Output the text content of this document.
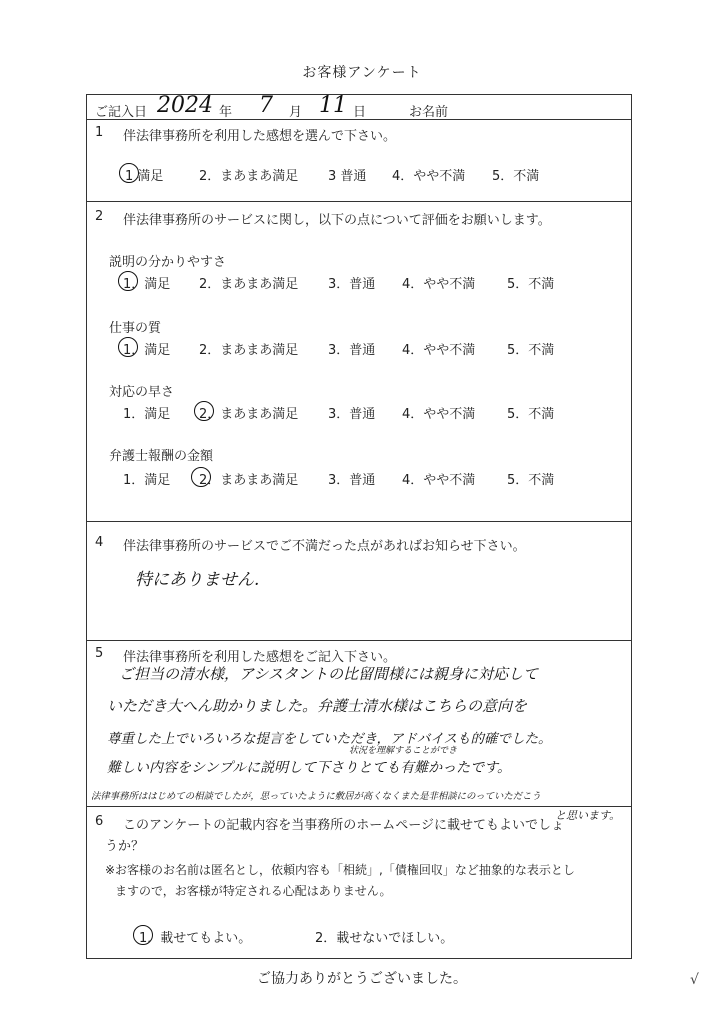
お客様アンケート
ご記入日 2024 年 7 月 11 日	お名前
1 伴法律事務所を利用した感想を選んで下さい。
1 満足	2．まあまあ満足 3 普通 4．やや不満 5．不満
2 伴法律事務所のサービスに関し，以下の点について評価をお願いします。
説明の分かりやすさ
1．満足 2．まあまあ満足 3．普通 4．やや不満 5．不満
仕事の質
1．満足 2．まあまあ満足 3．普通 4．やや不満 5．不満
対応の早さ
1．満足 2．まあまあ満足 3．普通 4．やや不満 5．不満
弁護士報酬の金額
1．満足 2．まあまあ満足 3．普通 4．やや不満 5．不満
4 伴法律事務所のサービスでご不満だった点があればお知らせ下さい。
特にありません.
5 伴法律事務所を利用した感想をご記入下さい。
ご担当の清水様，アシスタントの比留間様には親身に対応して
いただき大へん助かりました。弁護士清水様はこちらの意向を
尊重した上でいろいろな提言をしていただき，アドバイスも的確でした。
状況を理解することができ
難しい内容をシンプルに説明して下さりとても有難かったです。
法律事務所ははじめての相談でしたが，思っていたように敷居が高くなくまた是非相談にのっていただこう
と思います。
6 このアンケートの記載内容を当事務所のホームページに載せてもよいでしょ
うか？
※お客様のお名前は匿名とし，依頼内容も「相続」,「債権回収」など抽象的な表示とし
ますので，お客様が特定される心配はありません。
1．載せてもよい。	2．載せないでほしい。
ご協力ありがとうございました。	√
